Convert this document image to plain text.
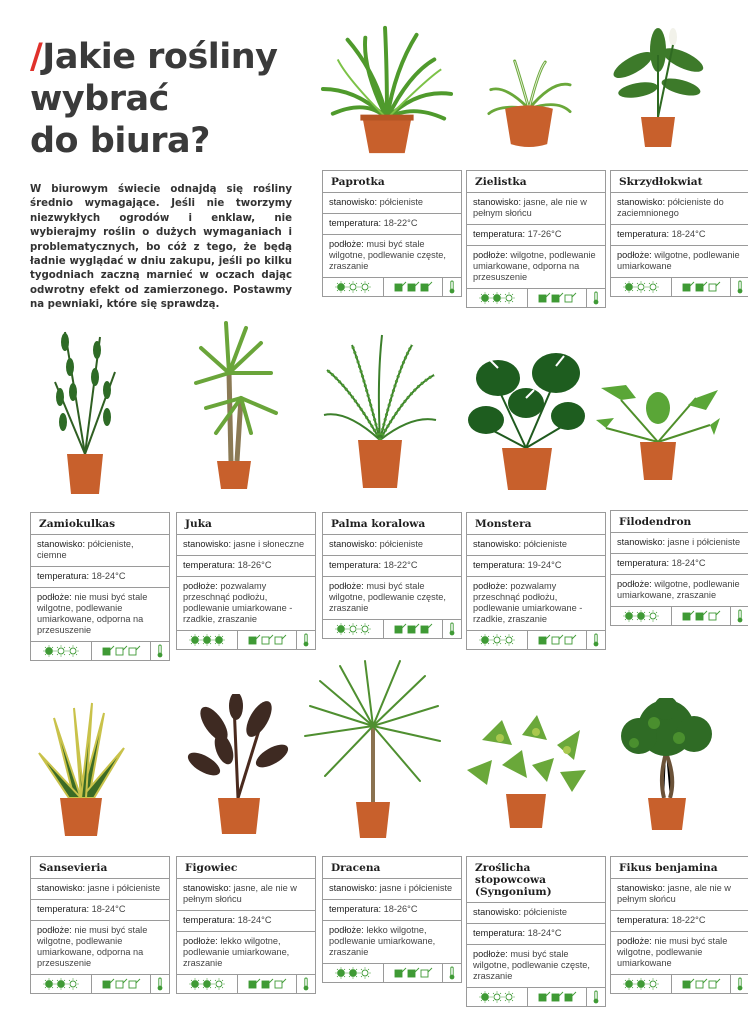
/Jakie rośliny
wybrać
do biura?

W biurowym świecie odnajdą się rośliny średnio wymagające. Jeśli nie tworzymy niezwykłych ogrodów i enklaw, nie wybierajmy roślin o dużych wymaganiach i problematycznych, bo cóż z tego, że będą ładnie wyglądać w dniu zakupu, jeśli po kilku tygodniach zaczną marnieć w oczach dając odwrotny efekt od zamierzonego. Postawmy na pewniaki, które się sprawdzą.

Paprotka
stanowisko: półcieniste
temperatura: 18-22°C
podłoże: musi być stale wilgotne, podlewanie częste, zraszanie
Zielistka
stanowisko: jasne, ale nie w pełnym słońcu
temperatura: 17-26°C
podłoże: wilgotne, podlewanie umiarkowane, odporna na przesuszenie
Skrzydłokwiat
stanowisko: półcieniste do zaciemnionego
temperatura: 18-24°C
podłoże: wilgotne, podlewanie umiarkowane
Zamiokulkas
stanowisko: półcieniste, ciemne
temperatura: 18-24°C
podłoże: nie musi być stale wilgotne, podlewanie umiarkowane, odporna na przesuszenie
Juka
stanowisko: jasne i słoneczne
temperatura: 18-26°C
podłoże: pozwalamy przeschnąć podłożu, podlewanie umiarkowane - rzadkie, zraszanie
Palma koralowa
stanowisko: półcieniste
temperatura: 18-22°C
podłoże: musi być stale wilgotne, podlewanie częste, zraszanie
Monstera
stanowisko: półcieniste
temperatura: 19-24°C
podłoże: pozwalamy przeschnąć podłożu, podlewanie umiarkowane - rzadkie, zraszanie
Filodendron
stanowisko: jasne i półcieniste
temperatura: 18-24°C
podłoże: wilgotne, podlewanie umiarkowane, zraszanie
Sansevieria
stanowisko: jasne i półcieniste
temperatura: 18-24°C
podłoże: nie musi być stale wilgotne, podlewanie umiarkowane, odporna na przesuszenie
Figowiec
stanowisko: jasne, ale nie w pełnym słońcu
temperatura: 18-24°C
podłoże: lekko wilgotne, podlewanie umiarkowane, zraszanie
Dracena
stanowisko: jasne i półcieniste
temperatura: 18-26°C
podłoże: lekko wilgotne, podlewanie umiarkowane, zraszanie
Zroślicha stopowcowa (Syngonium)
stanowisko: półcieniste
temperatura: 18-24°C
podłoże: musi być stale wilgotne, podlewanie częste, zraszanie
Fikus benjamina
stanowisko: jasne, ale nie w pełnym słońcu
temperatura: 18-22°C
podłoże: nie musi być stale wilgotne, podlewanie umiarkowane
